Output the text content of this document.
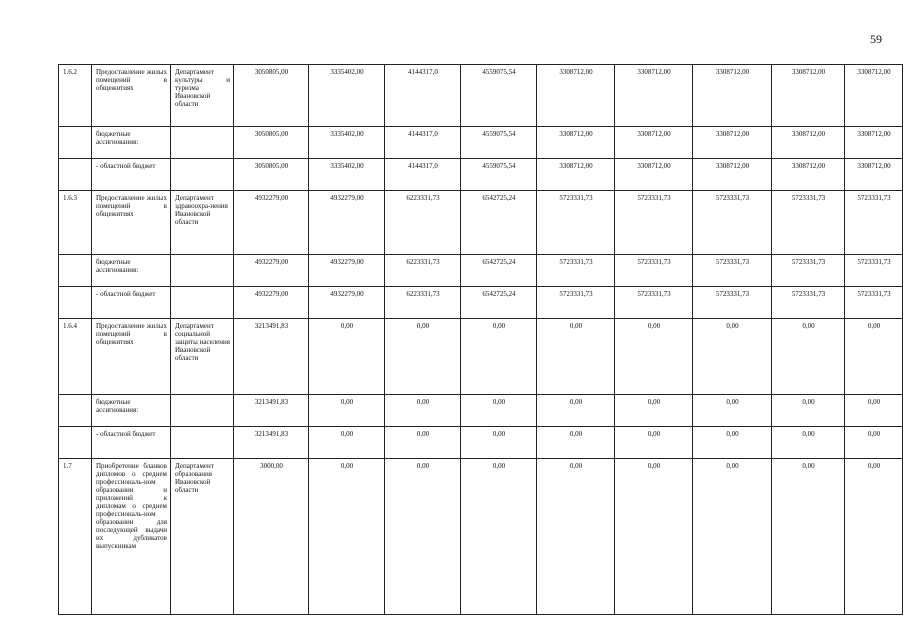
59
1.6.2	Предоставление жилых помещений в общежитиях	Департамент культуры и туризма Ивановской области	3050805,00	3335402,00	4144317,0	4559075,54	3308712,00	3308712,00	3308712,00	3308712,00	3308712,00	

	бюджетные ассигнования:		3050805,00	3335402,00	4144317,0	4559075,54	3308712,00	3308712,00	3308712,00	3308712,00	3308712,00	

	- областной бюджет		3050805,00	3335402,00	4144317,0	4559075,54	3308712,00	3308712,00	3308712,00	3308712,00	3308712,00	

1.6.3	Предоставление жилых помещений в общежитиях	Департамент здравоохра-нения Ивановской области	4932279,00	4932279,00	6223331,73	6542725,24	5723331,73	5723331,73	5723331,73	5723331,73	5723331,73	

	бюджетные ассигнования:		4932279,00	4932279,00	6223331,73	6542725,24	5723331,73	5723331,73	5723331,73	5723331,73	5723331,73	

	- областной бюджет		4932279,00	4932279,00	6223331,73	6542725,24	5723331,73	5723331,73	5723331,73	5723331,73	5723331,73	

1.6.4	Предоставление жилых помещений в общежитиях	Департамент социальной защиты населения Ивановской области	3213491,83	0,00	0,00	0,00	0,00	0,00	0,00	0,00	0,00	

	бюджетные ассигнования:		3213491,83	0,00	0,00	0,00	0,00	0,00	0,00	0,00	0,00	

	- областной бюджет		3213491,83	0,00	0,00	0,00	0,00	0,00	0,00	0,00	0,00	

1.7	Приобретение бланков дипломов о среднем профессиональ-ном образовании и приложений к дипломам о среднем профессиональ-ном образовании для последующей выдачи их дубликатов выпускникам	Департамент образования Ивановской области	3000,00	0,00	0,00	0,00	0,00	0,00	0,00	0,00	0,00	
